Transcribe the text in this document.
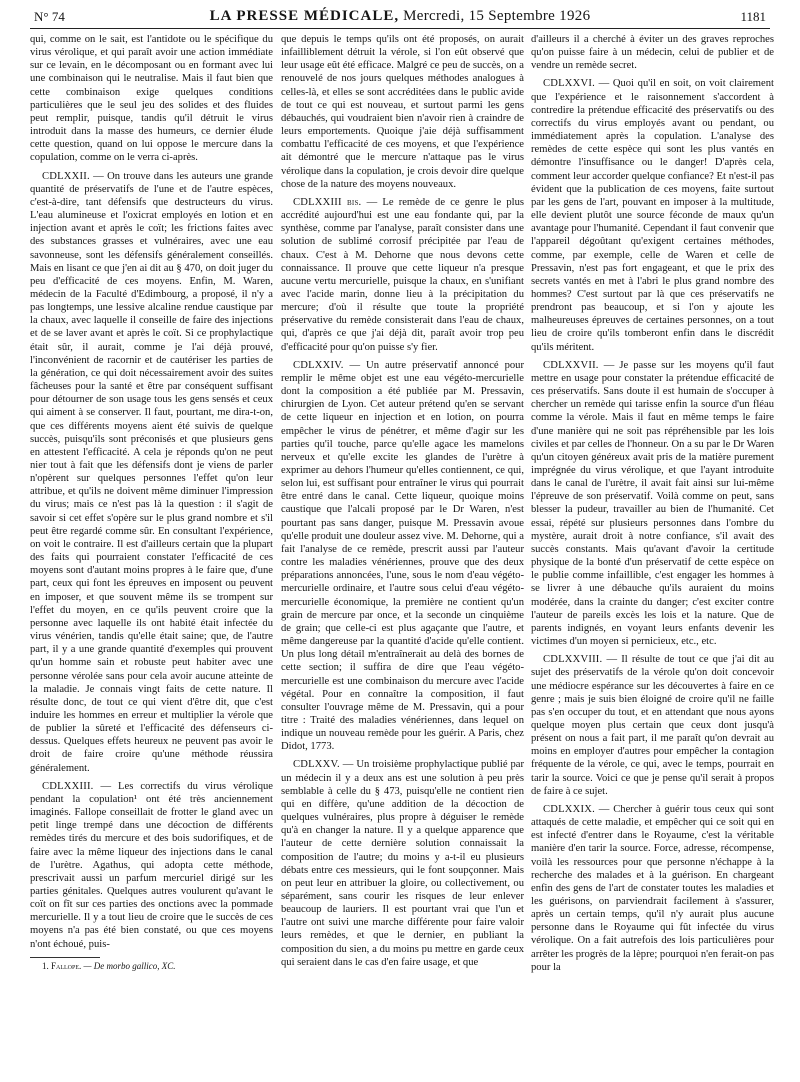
N° 74	LA PRESSE MÉDICALE, Mercredi, 15 Septembre 1926	1181

qui, comme on le sait, est l'antidote ou le spécifique du virus vérolique, et qui paraît avoir une action immédiate sur ce levain, en le décomposant ou en formant avec lui une combinaison qui le neutralise. Mais il faut bien que cette combinaison exige quelques conditions particulières que le seul jeu des solides et des fluides peut remplir, puisque, tandis qu'il détruit le virus introduit dans la masse des humeurs, ce dernier élude cette question, quand on lui oppose le mercure dans la copulation, comme on le verra ci-après.

CDLXXII. — On trouve dans les auteurs une grande quantité de préservatifs de l'une et de l'autre espèces, c'est-à-dire, tant défensifs que destructeurs du virus. L'eau alumineuse et l'oxicrat employés en lotion et en injection avant et après le coït; les frictions faites avec des substances grasses et vulnéraires, avec une eau savonneuse, sont les défensifs généralement conseillés. Mais en lisant ce que j'en ai dit au § 470, on doit juger du peu d'efficacité de ces moyens. Enfin, M. Waren, médecin de la Faculté d'Edimbourg, a proposé, il n'y a pas longtemps, une lessive alcaline rendue caustique par la chaux, avec laquelle il conseille de faire des injections et de se laver avant et après le coït. Si ce prophylactique était sûr, il aurait, comme je l'ai déjà prouvé, l'inconvénient de racornir et de cautériser les parties de la génération, ce qui doit nécessairement avoir des suites fâcheuses pour la santé et être par conséquent suffisant pour détourner de son usage tous les gens sensés et ceux qui aiment à se conserver. Il faut, pourtant, me dira-t-on, que ces différents moyens aient été suivis de quelque succès, puisqu'ils sont préconisés et que plusieurs gens en attestent l'efficacité. A cela je réponds qu'on ne peut nier tout à fait que les défensifs dont je viens de parler n'opèrent sur quelques personnes l'effet qu'on leur attribue, et qu'ils ne doivent même diminuer l'impression du virus; mais ce n'est pas là la question : il s'agit de savoir si cet effet s'opère sur le plus grand nombre et s'il peut être regardé comme sûr. En consultant l'expérience, on voit le contraire. Il est d'ailleurs certain que la plupart des faits qui pourraient constater l'efficacité de ces moyens sont d'autant moins propres à le faire que, d'une part, ceux qui font les épreuves en imposent ou peuvent en imposer, et que souvent même ils se trompent sur l'effet du moyen, en ce qu'ils peuvent croire que la personne avec laquelle ils ont habité était infectée du virus vénérien, tandis qu'elle était saine; que, de l'autre part, il y a une grande quantité d'exemples qui prouvent qu'un homme sain et robuste peut habiter avec une personne vérolée sans pour cela avoir aucune atteinte de la maladie. Je connais vingt faits de cette nature. Il résulte donc, de tout ce qui vient d'être dit, que c'est induire les hommes en erreur et multiplier la vérole que de publier la sûreté et l'efficacité des défenseurs ci-dessus. Quelques effets heureux ne peuvent pas avoir le droit de faire croire qu'une méthode réussira généralement.

CDLXXIII. — Les correctifs du virus vérolique pendant la copulation¹ ont été très anciennement imaginés. Fallope conseillait de frotter le gland avec un petit linge trempé dans une décoction de différents remèdes tirés du mercure et des bois sudorifiques, et de faire avec la même liqueur des injections dans le canal de l'urètre. Agathus, qui adopta cette méthode, prescrivait aussi un parfum mercuriel dirigé sur les parties génitales. Quelques autres voulurent qu'avant le coït on fît sur ces parties des onctions avec la pommade mercurielle. Il y a tout lieu de croire que le succès de ces moyens n'a pas été bien constaté, ou que ces moyens n'ont échoué, puis-

1. Fallope. — De morbo gallico, XC.

que depuis le temps qu'ils ont été proposés, on aurait infailliblement détruit la vérole, si l'on eût observé que leur usage eût été efficace. Malgré ce peu de succès, on a renouvelé de nos jours quelques méthodes analogues à celles-là, et elles se sont accréditées dans le public avide de tout ce qui est nouveau, et surtout parmi les gens débauchés, qui voudraient bien n'avoir rien à craindre de leurs emportements. Quoique j'aie déjà suffisamment combattu l'efficacité de ces moyens, et que l'expérience ait démontré que le mercure n'attaque pas le virus vérolique dans la copulation, je crois devoir dire quelque chose de la nature des moyens nouveaux.

CDLXXIII bis. — Le remède de ce genre le plus accrédité aujourd'hui est une eau fondante qui, par la synthèse, comme par l'analyse, paraît consister dans une solution de sublimé corrosif précipitée par l'eau de chaux. C'est à M. Dehorne que nous devons cette connaissance. Il prouve que cette liqueur n'a presque aucune vertu mercurielle, puisque la chaux, en s'unifiant avec l'acide marin, donne lieu à la précipitation du mercure; d'où il résulte que toute la propriété préservative du remède consisterait dans l'eau de chaux, qui, d'après ce que j'ai déjà dit, paraît avoir trop peu d'efficacité pour qu'on puisse s'y fier.

CDLXXIV. — Un autre préservatif annoncé pour remplir le même objet est une eau végéto-mercurielle dont la composition a été publiée par M. Pressavin, chirurgien de Lyon. Cet auteur prétend qu'en se servant de cette liqueur en injection et en lotion, on pourra empêcher le virus de pénétrer, et même d'agir sur les parties qu'il touche, parce qu'elle agace les mamelons nerveux et qu'elle excite les glandes de l'urètre à exprimer au dehors l'humeur qu'elles contiennent, ce qui, selon lui, est suffisant pour entraîner le virus qui pourrait être entré dans le canal. Cette liqueur, quoique moins caustique que l'alcali proposé par le Dr Waren, n'est pourtant pas sans danger, puisque M. Pressavin avoue qu'elle produit une douleur assez vive. M. Dehorne, qui a fait l'analyse de ce remède, prescrit aussi par l'auteur contre les maladies vénériennes, prouve que des deux préparations annoncées, l'une, sous le nom d'eau végéto-mercurielle ordinaire, et l'autre sous celui d'eau végéto-mercurielle économique, la première ne contient qu'un grain de mercure par once, et la seconde un cinquième de grain; que celle-ci est plus agaçante que l'autre, et même dangereuse par la quantité d'acide qu'elle contient. Un plus long détail m'entraînerait au delà des bornes de cette section; il suffira de dire que l'eau végéto-mercurielle est une combinaison du mercure avec l'acide végétal. Pour en connaître la composition, il faut consulter l'ouvrage même de M. Pressavin, qui a pour titre : Traité des maladies vénériennes, dans lequel on indique un nouveau remède pour les guérir. A Paris, chez Didot, 1773.

CDLXXV. — Un troisième prophylactique publié par un médecin il y a deux ans est une solution à peu près semblable à celle du § 473, puisqu'elle ne contient rien qui en diffère, qu'une addition de la décoction de quelques vulnéraires, plus propre à déguiser le remède qu'à en changer la nature. Il y a quelque apparence que l'auteur de cette dernière solution connaissait la composition de l'autre; du moins y a-t-il eu plusieurs débats entre ces messieurs, qui le font soupçonner. Mais on peut leur en attribuer la gloire, ou collectivement, ou séparément, sans courir les risques de leur enlever beaucoup de lauriers. Il est pourtant vrai que l'un et l'autre ont suivi une marche différente pour faire valoir leurs remèdes, et que le dernier, en publiant la composition du sien, a du moins pu mettre en garde ceux qui seraient dans le cas d'en faire usage, et que

d'ailleurs il a cherché à éviter un des graves reproches qu'on puisse faire à un médecin, celui de publier et de vendre un remède secret.

CDLXXVI. — Quoi qu'il en soit, on voit clairement que l'expérience et le raisonnement s'accordent à contredire la prétendue efficacité des préservatifs ou des correctifs du virus employés avant ou pendant, ou immédiatement après la copulation. L'analyse des remèdes de cette espèce qui sont les plus vantés en démontre l'insuffisance ou le danger! D'après cela, comment leur accorder quelque confiance? Et n'est-il pas évident que la publication de ces moyens, faite surtout par les gens de l'art, pouvant en imposer à la multitude, elle devient plutôt une source féconde de maux qu'un avantage pour l'humanité. Cependant il faut convenir que l'appareil dégoûtant qu'exigent certaines méthodes, comme, par exemple, celle de Waren et celle de Pressavin, n'est pas fort engageant, et que le prix des secrets vantés en met à l'abri le plus grand nombre des hommes? C'est surtout par là que ces préservatifs ne prendront pas beaucoup, et si l'on y ajoute les malheureuses épreuves de certaines personnes, on a tout lieu de croire qu'ils tomberont enfin dans le discrédit qu'ils méritent.

CDLXXVII. — Je passe sur les moyens qu'il faut mettre en usage pour constater la prétendue efficacité de ces préservatifs. Sans doute il est humain de s'occuper à chercher un remède qui tarisse enfin la source d'un fléau comme la vérole. Mais il faut en même temps le faire d'une manière qui ne soit pas répréhensible par les lois civiles et par celles de l'honneur. On a su par le Dr Waren qu'un citoyen généreux avait pris de la matière purement imprégnée du virus vérolique, et que l'ayant introduite dans le canal de l'urètre, il avait fait ainsi sur lui-même l'épreuve de son préservatif. Voilà comme on peut, sans blesser la pudeur, travailler au bien de l'humanité. Cet essai, répété sur plusieurs personnes dans l'ombre du mystère, aurait droit à notre confiance, s'il avait des succès constants. Mais qu'avant d'avoir la certitude physique de la bonté d'un préservatif de cette espèce on le publie comme infaillible, c'est engager les hommes à se livrer à une débauche qu'ils auraient du moins modérée, dans la crainte du danger; c'est exciter contre l'auteur de pareils excès les lois et la nature. Que de parents indignés, en voyant leurs enfants devenir les victimes d'un moyen si pernicieux, etc., etc.

CDLXXVIII. — Il résulte de tout ce que j'ai dit au sujet des préservatifs de la vérole qu'on doit concevoir une médiocre espérance sur les découvertes à faire en ce genre ; mais je suis bien éloigné de croire qu'il ne faille pas s'en occuper du tout, et en attendant que nous ayons quelque moyen plus certain que ceux dont jusqu'à présent on nous a fait part, il me paraît qu'on devrait au moins en employer d'autres pour empêcher la contagion fréquente de la vérole, ce qui, avec le temps, pourrait en tarir la source. Voici ce que je pense qu'il serait à propos de faire à ce sujet.

CDLXXIX. — Chercher à guérir tous ceux qui sont attaqués de cette maladie, et empêcher qui ce soit qui en est infecté d'entrer dans le Royaume, c'est la véritable manière d'en tarir la source. Force, adresse, récompense, voilà les ressources pour que personne n'échappe à la recherche des malades et à la guérison. En chargeant enfin des gens de l'art de constater toutes les maladies et les guérisons, on parviendrait facilement à s'assurer, après un certain temps, qu'il n'y aurait plus aucune personne dans le Royaume qui fût infectée du virus vérolique. On a fait autrefois des lois particulières pour arrêter les progrès de la lèpre; pourquoi n'en ferait-on pas pour la
